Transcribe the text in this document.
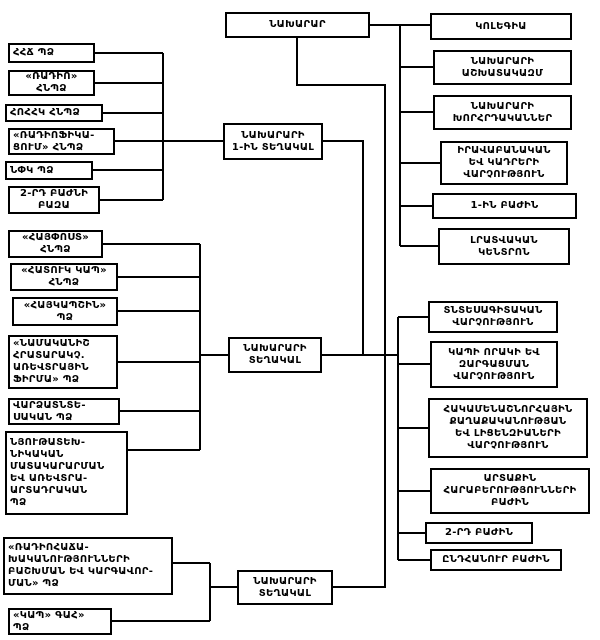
ՆԱԽԱՐԱՐ	ԿՈԼԵԳԻԱ
ՆԱԽԱՐԱՐԻ
ԱՇԽԱՏԱԿԱԶՄ
ՆԱԽԱՐԱՐԻ
ԽՈՐՀՐԴԱԿԱՆՆԵՐ
ԻՐԱՎԱԲԱՆԱԿԱՆ
ԵՎ ԿԱԴՐԵՐԻ
ՎԱՐՉՈՒԹՅՈՒՆ
1-ԻՆ ԲԱԺԻՆ
ԼՐԱՏՎԱԿԱՆ
ԿԵՆՏՐՈՆ
ՏՆՏԵՍԱԳԻՏԱԿԱՆ
ՎԱՐՉՈՒԹՅՈՒՆ
ԿԱՊԻ ՈՐԱԿԻ ԵՎ
ԶԱՐԳԱՑՄԱՆ
ՎԱՐՉՈՒԹՅՈՒՆ
ՀԱԿԱՄԵՆԱՇՆՈՐՀԱՅԻՆ
ՔԱՂԱՔԱԿԱՆՈՒԹՅԱՆ
ԵՎ ԼԻՑԵՆԶԻԱՆԵՐԻ
ՎԱՐՉՈՒԹՅՈՒՆ
ԱՐՏԱՔԻՆ
ՀԱՐԱԲԵՐՈՒԹՅՈՒՆՆԵՐԻ
ԲԱԺԻՆ
2-ՐԴ ԲԱԺԻՆ
ԸՆԴՀԱՆՈՒՐ ԲԱԺԻՆ
ՆԱԽԱՐԱՐԻ
1-ԻՆ ՏԵՂԱԿԱԼ
ՆԱԽԱՐԱՐԻ
ՏԵՂԱԿԱԼ
ՆԱԽԱՐԱՐԻ
ՏԵՂԱԿԱԼ
ՀՀՃ ՊՁ
«ՌԱԴԻՈ»
ՀՆՊՁ
ՀՈՀՀԿ ՀՆՊՁ
«ՌԱԴԻՈՖԻԿԱ-
ՑՈՒՄ» ՀՆՊՁ
ՆՓԿ ՊՁ
2-ՐԴ ԲԱԺՆԻ
ԲԱԶԱ
«ՀԱՅՓՈՍՏ»
ՀՆՊՁ
«ՀԱՏՈՒԿ ԿԱՊ»
ՀՆՊՁ
«ՀԱՅԿԱՊՇԻՆ»
ՊՁ
«ՆԱՄԱԿԱՆԻՇ
ՀՐԱՏԱՐԱԿՉ.
ԱՌԵՎՏՐԱՅԻՆ
ՖԻՐՄԱ» ՊՁ
ՎԱՐՁԱՏՆՏԵ-
ՍԱԿԱՆ ՊՁ
ՆՅՈՒԹԱՏԵԽ-
ՆԻԿԱԿԱՆ
ՄԱՏԱԿԱՐԱՐՄԱՆ
ԵՎ ԱՌԵՎՏՐԱ-
ԱՐՏԱԴՐԱԿԱՆ
ՊՁ
«ՌԱԴԻՈՀԱՃԱ-
ԽԱԿԱՆՈՒԹՅՈՒՆՆԵՐԻ
ԲԱՇԽՄԱՆ ԵՎ ԿԱՐԳԱՎՈՐ-
ՄԱՆ» ՊՁ
«ԿԱՊ» ԳԱՀ»
ՊՁ
